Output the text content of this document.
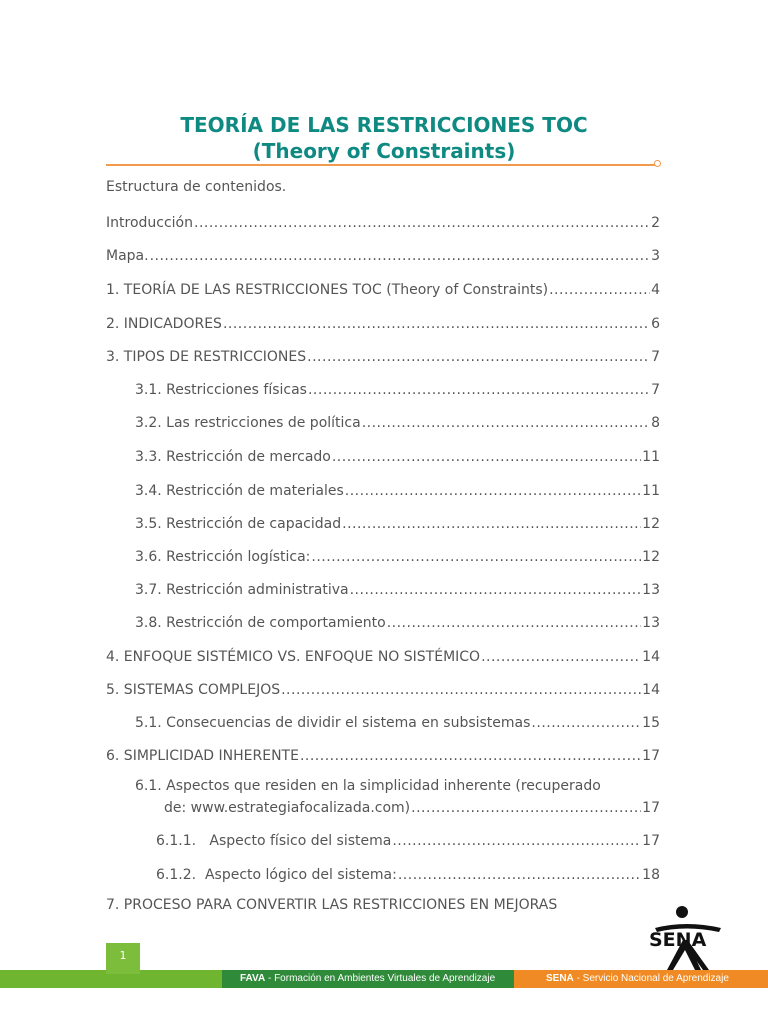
TEORÍA DE LAS RESTRICCIONES TOC
(Theory of Constraints)
Estructura de contenidos.
Introducción .....	2
Mapa. .....	3
1. TEORÍA DE LAS RESTRICCIONES TOC (Theory of Constraints) .....	4
2. INDICADORES .....	6
3. TIPOS DE RESTRICCIONES .....	7
3.1. Restricciones físicas .....	7
3.2. Las restricciones de política .....	8
3.3. Restricción de mercado .....	11
3.4. Restricción de materiales .....	11
3.5. Restricción de capacidad .....	12
3.6. Restricción logística: .....	12
3.7. Restricción administrativa .....	13
3.8. Restricción de comportamiento .....	13
4. ENFOQUE SISTÉMICO VS. ENFOQUE NO SISTÉMICO .....	14
5. SISTEMAS COMPLEJOS .....	14
5.1. Consecuencias de dividir el sistema en subsistemas .....	15
6. SIMPLICIDAD INHERENTE .....	17
6.1. Aspectos que residen en la simplicidad inherente (recuperado
de: www.estrategiafocalizada.com) .....	17
6.1.1.   Aspecto físico del sistema .....	17
6.1.2.  Aspecto lógico del sistema: .....	18
7. PROCESO PARA CONVERTIR LAS RESTRICCIONES EN MEJORAS
FAVA - Formación en Ambientes Virtuales de Aprendizaje	SENA - Servicio Nacional de Aprendizaje
1
SENA
